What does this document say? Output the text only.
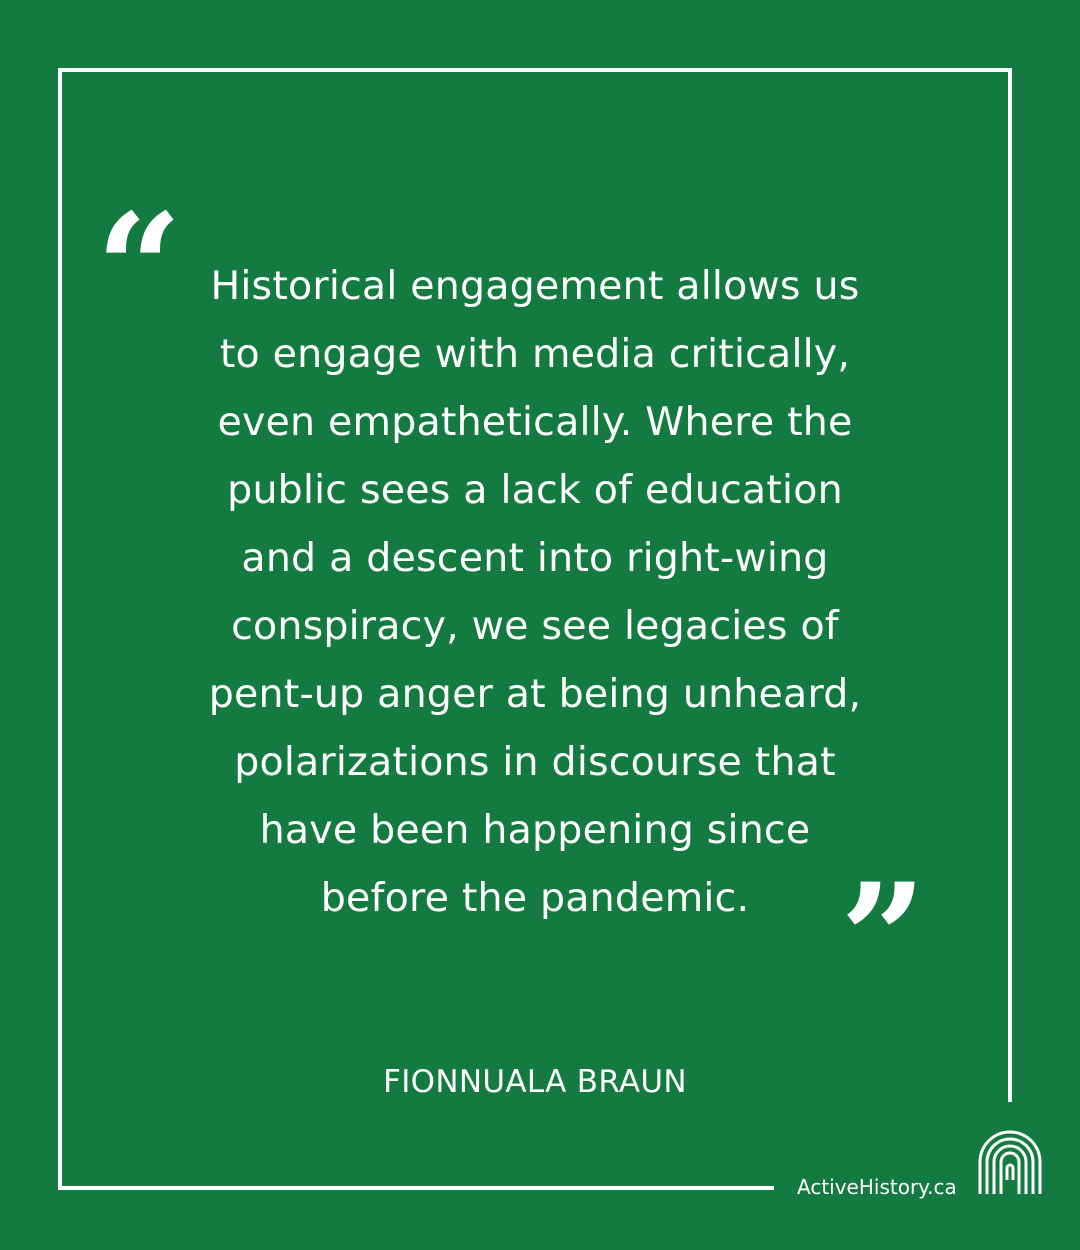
“ Historical engagement allows us
to engage with media critically,
even empathetically. Where the
public sees a lack of education
and a descent into right-wing
conspiracy, we see legacies of
pent-up anger at being unheard,
polarizations in discourse that
have been happening since
before the pandemic. ”
FIONNUALA BRAUN
ActiveHistory.ca
